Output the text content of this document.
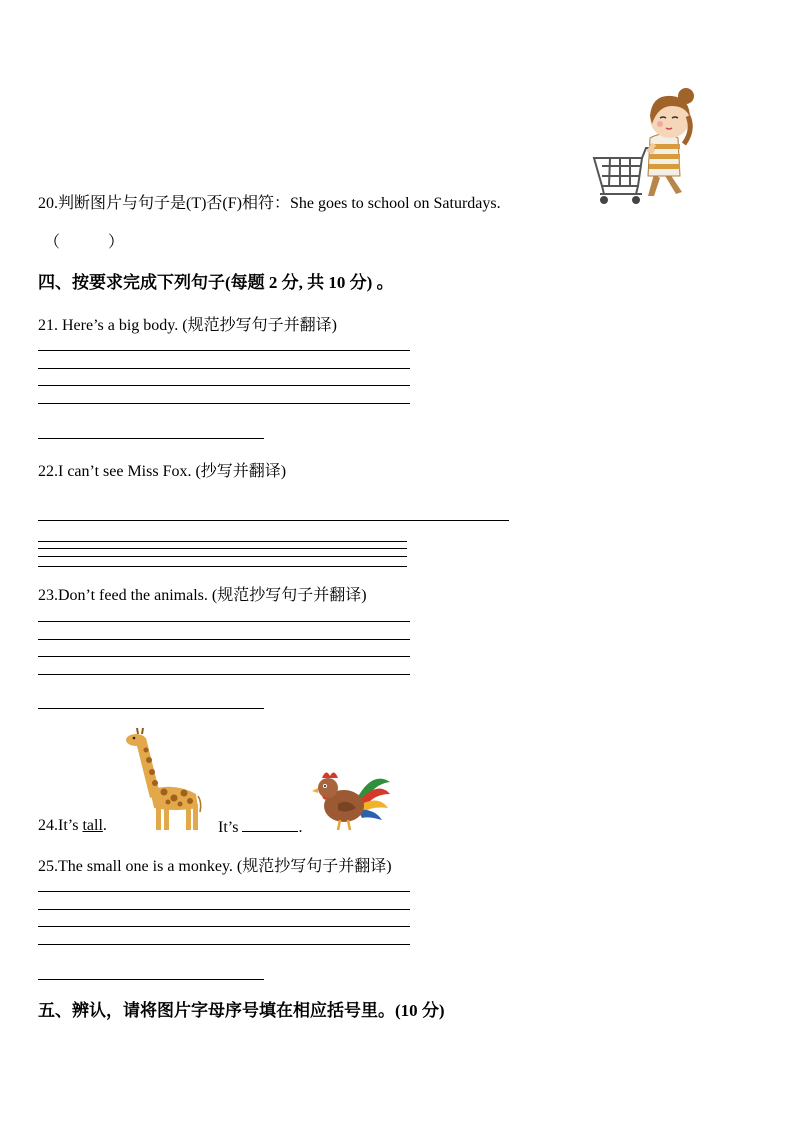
20.判断图片与句子是(T)否(F)相符：She goes to school on Saturdays.
（	）
四、按要求完成下列句子(每题 2 分, 共 10 分) 。
21. Here’s a big body. (规范抄写句子并翻译)
22.I can’t see Miss Fox. (抄写并翻译)
23.Don’t feed the animals. (规范抄写句子并翻译)
24.It’s tall.	It’s	.
25.The small one is a monkey. (规范抄写句子并翻译)
五、辨认，请将图片字母序号填在相应括号里。(10 分)
